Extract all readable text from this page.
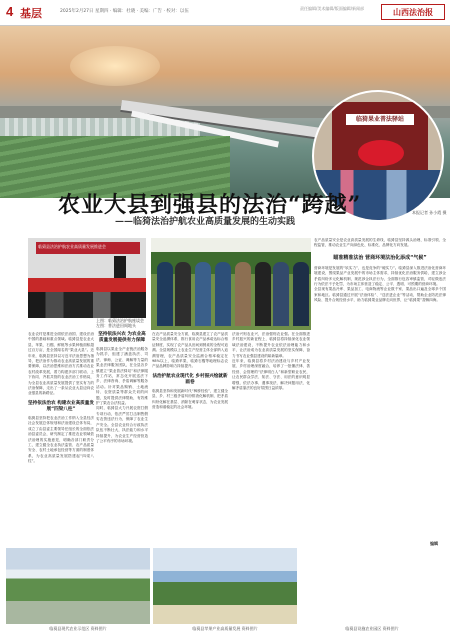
4 基层	2025年2月27日 星期四 · 编辑：杜晓 · 美编：广告 · 校对：以伍
责任编辑/美术编辑/版面编辑/新闻部	山西法治报
临猗果业普法驿站
本报记者 孙小霞 摄
农业大县到强县的法治“跨越”
——临猗法治护航农业高质量发展的生动实践
临猗县法治护航农业高质量发展推进会
上图：临猗法治护航座谈会
左图：普法进田间地头

农业农村是推进全面依法治国、建设法治中国的基础和重点领域。临猗县是农业大县，苹果、石榴、鲜桃等水果种植面积超过百万亩，是全国闻名的“果业大县”。近年来，临猗县坚持以习近平法治思想为指导，把法治作为推动农业高质量发展的重要保障，以法治思维和法治方式推动农业农村改革发展，着力构建多部门联动、上下协同、齐抓共管的农业法治工作格局，为全县农业高质量发展提供了坚实有力的法治保障，走出了一条从农业大县迈向农业强县的新路径。

坚持依法治农 构建农业高质量发展“四梁八柱”

临猗县坚持把农业法治工作纳入全县经济社会发展总体规划和法治建设总体布局，成立了由县委主要领导任组长的全面依法治县委员会，研究制定了推进农业领域依法治理的实施意见，明确各部门职责分工，建立健全农业执法监管、农产品质量安全、农村土地承包经营等方面的制度体系，为农业高质量发展搭建起“四梁八柱”。

坚持依法兴农 为农业高质量发展提供有力保障

临猗县以果业全产业链法治服务为抓手，组建了涵盖执法、司法、律师、公证、调解等力量的果业法律服务团队，在全县各乡镇建立“果业普法驿站”和法律服务工作站，常态化开展送法下乡、法律咨询、矛盾调解等服务活动。针对果品购销、土地流转、农资质量等群众关切的问题，及时提供法律帮助，有效维护了果农合法权益。

同时，临猗县大力开展农资打假专项行动，依法严厉打击制售假劣农资违法行为，保障了农业生产安全。全县农业综合行政执法队伍不断壮大，执法能力和水平持续提升，为农业生产经营营造了公平有序的市场环境。

在农产品质量安全方面，临猗县建立了农产品质量安全追溯体系，推行食用农产品承诺达标合格证制度，实现了农产品从田间到餐桌的全程可追溯。全县规模以上农业生产经营主体全部纳入追溯管理，农产品质量安全监测合格率稳定在98%以上，临猗苹果、临猗石榴等地理标志农产品品牌影响力持续提升。

法治护航农业现代化 乡村振兴绘就新画卷

临猗县坚持和发展新时代“枫桥经验”，建立健全县、乡、村三级矛盾纠纷排查化解机制，把矛盾纠纷化解在基层、消除在萌芽状态，为农业发展营造和谐稳定的社会环境。

法治兴则农业兴，法治强则农业强。在全面推进乡村振兴的新征程上，临猗县将持续深化农业领域法治建设，不断提升农业依法治理能力和水平，让法治成为农业高质量发展的坚实保障，奋力书写农业强县建设的崭新篇章。

近年来，临猗县将乡村法治建设与乡村产业发展、乡村治理深度融合，培养了一批懂法律、善经营、会管理的“法律明白人”和新型职业农民，让农民群众学法、知法、守法、用法的意识明显增强，依法办事、遇事找法、解决问题用法、化解矛盾靠法的良好氛围日益浓厚。

农产品质量安全是农业高质量发展的生命线，临猗县坚持源头治理、标准引领、全程监管，推动农业生产向绿色化、标准化、品牌化方向发展。

瞄准精准法治 营商环境法治化添成“气候”

营商环境是发展的“软实力”，也是竞争的“硬实力”。临猗县深入推进法治化营商环境建设，围绕果品产业发展中的市场主体需求，持续优化法治服务供给，建立涉企矛盾纠纷多元化解机制，规范涉企执法行为，全面推行包容审慎监管，对轻微违法行为依法不予处罚，为市场主体营造了稳定、公平、透明、可预期的营商环境。

全县现有果品冷库、果品加工、电商物流等企业数千家，果品出口遍及全球多个国家和地区。临猗县通过开展“法治体检”、“送法进企业”等活动，帮助企业防范法律风险、提升合规经营水平，助力临猗果业品牌走向世界，让“临猗果”香飘四海。

编辑
临猗县现代农业示范区 资料图片	临猗县苹果产业高质量发展 资料图片	临猗县设施农业园区 资料图片
